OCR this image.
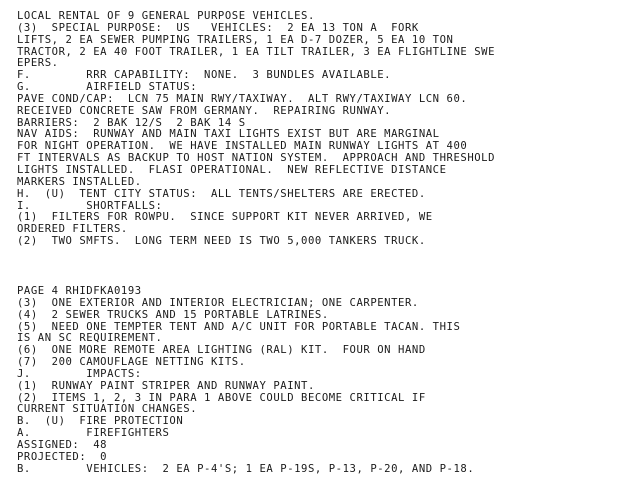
LOCAL RENTAL OF 9 GENERAL PURPOSE VEHICLES.
(3)  SPECIAL PURPOSE:  US   VEHICLES:  2 EA 13 TON A  FORK
LIFTS, 2 EA SEWER PUMPING TRAILERS, 1 EA D-7 DOZER, 5 EA 10 TON
TRACTOR, 2 EA 40 FOOT TRAILER, 1 EA TILT TRAILER, 3 EA FLIGHTLINE SWE
EPERS.
F.        RRR CAPABILITY:  NONE.  3 BUNDLES AVAILABLE.
G.        AIRFIELD STATUS:
PAVE COND/CAP:  LCN 75 MAIN RWY/TAXIWAY.  ALT RWY/TAXIWAY LCN 60.
RECEIVED CONCRETE SAW FROM GERMANY.  REPAIRING RUNWAY.
BARRIERS:  2 BAK 12/S  2 BAK 14 S
NAV AIDS:  RUNWAY AND MAIN TAXI LIGHTS EXIST BUT ARE MARGINAL
FOR NIGHT OPERATION.  WE HAVE INSTALLED MAIN RUNWAY LIGHTS AT 400
FT INTERVALS AS BACKUP TO HOST NATION SYSTEM.  APPROACH AND THRESHOLD
LIGHTS INSTALLED.  FLASI OPERATIONAL.  NEW REFLECTIVE DISTANCE
MARKERS INSTALLED.
H.  (U)  TENT CITY STATUS:  ALL TENTS/SHELTERS ARE ERECTED.
I.        SHORTFALLS:
(1)  FILTERS FOR ROWPU.  SINCE SUPPORT KIT NEVER ARRIVED, WE
ORDERED FILTERS.
(2)  TWO SMFTS.  LONG TERM NEED IS TWO 5,000 TANKERS TRUCK.
PAGE 4 RHIDFKA0193
(3)  ONE EXTERIOR AND INTERIOR ELECTRICIAN; ONE CARPENTER.
(4)  2 SEWER TRUCKS AND 15 PORTABLE LATRINES.
(5)  NEED ONE TEMPTER TENT AND A/C UNIT FOR PORTABLE TACAN. THIS
IS AN SC REQUIREMENT.
(6)  ONE MORE REMOTE AREA LIGHTING (RAL) KIT.  FOUR ON HAND
(7)  200 CAMOUFLAGE NETTING KITS.
J.        IMPACTS:
(1)  RUNWAY PAINT STRIPER AND RUNWAY PAINT.
(2)  ITEMS 1, 2, 3 IN PARA 1 ABOVE COULD BECOME CRITICAL IF
CURRENT SITUATION CHANGES.
B.  (U)  FIRE PROTECTION
A.        FIREFIGHTERS
ASSIGNED:  48
PROJECTED:  0
B.        VEHICLES:  2 EA P-4'S; 1 EA P-19S, P-13, P-20, AND P-18.
